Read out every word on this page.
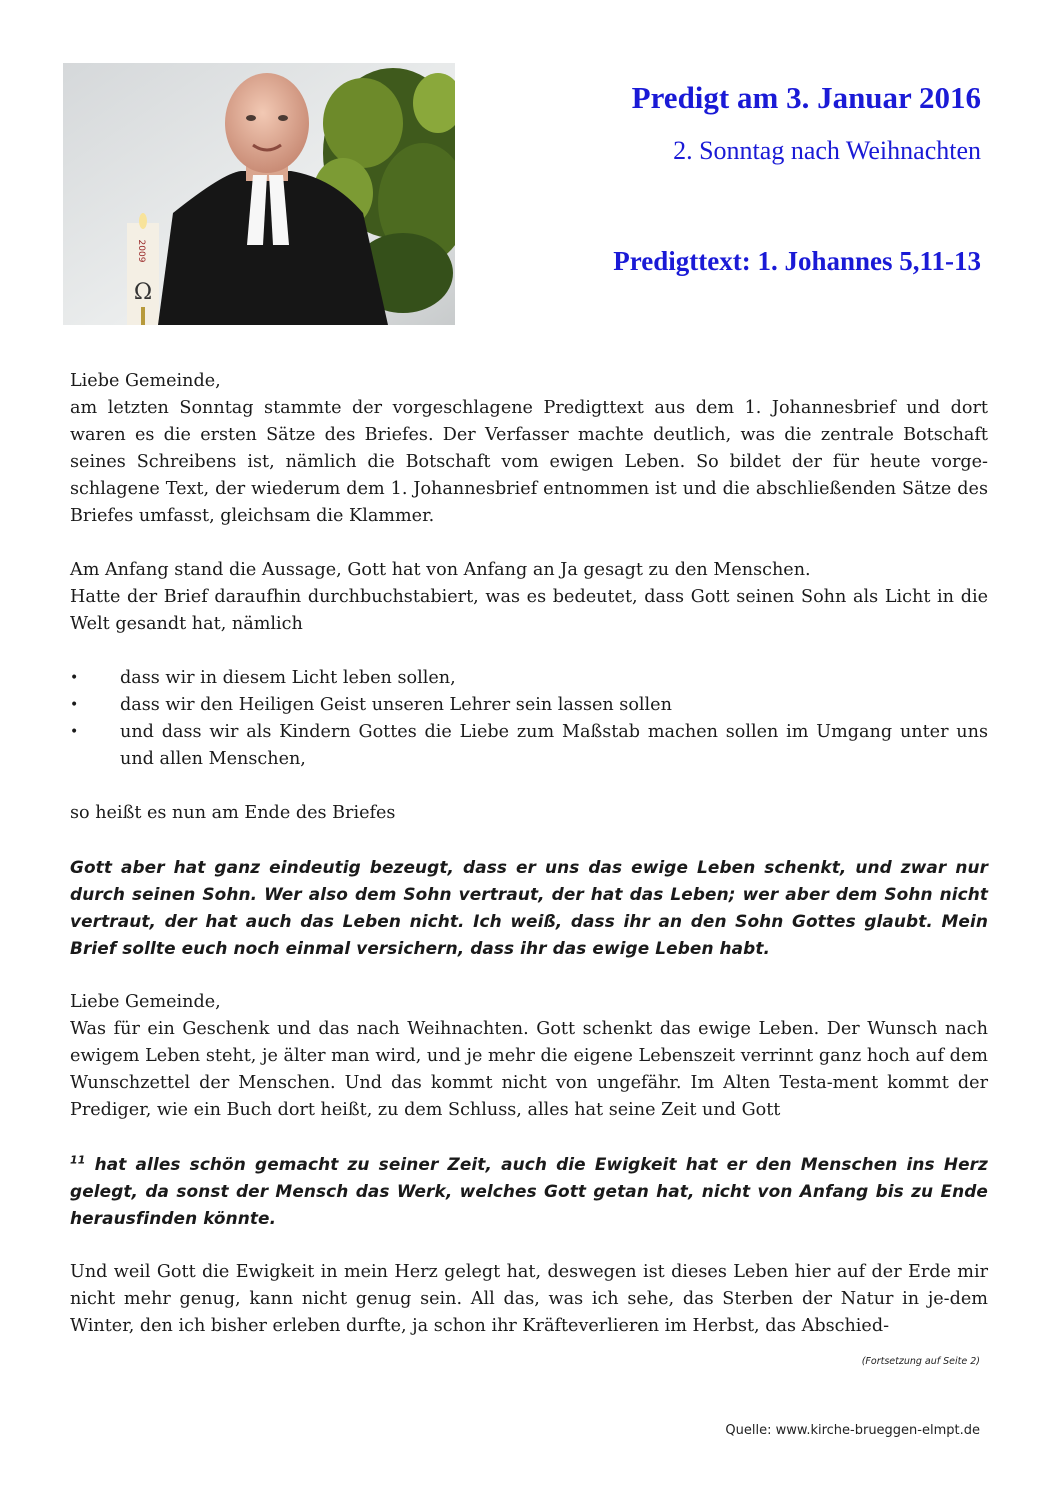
2009
Ω
Predigt am 3. Januar 2016
2. Sonntag nach Weihnachten
Predigttext: 1. Johannes 5,11-13

Liebe Gemeinde,

am letzten Sonntag stammte der vorgeschlagene Predigttext aus dem 1. Johannesbrief und dort waren es die ersten Sätze des Briefes. Der Verfasser machte deutlich, was die zentrale Botschaft seines Schreibens ist, nämlich die Botschaft vom ewigen Leben. So bildet der für heute vorge-schlagene Text, der wiederum dem 1. Johannesbrief entnommen ist und die abschließenden Sätze des Briefes umfasst, gleichsam die Klammer.

Am Anfang stand die Aussage, Gott hat von Anfang an Ja gesagt zu den Menschen.

Hatte der Brief daraufhin durchbuchstabiert, was es bedeutet, dass Gott seinen Sohn als Licht in die Welt gesandt hat, nämlich

• dass wir in diesem Licht leben sollen,
• dass wir den Heiligen Geist unseren Lehrer sein lassen sollen
• und dass wir als Kindern Gottes die Liebe zum Maßstab machen sollen im Umgang unter uns und allen Menschen,

so heißt es nun am Ende des Briefes

Gott aber hat ganz eindeutig bezeugt, dass er uns das ewige Leben schenkt, und zwar nur durch seinen Sohn. Wer also dem Sohn vertraut, der hat das Leben; wer aber dem Sohn nicht vertraut, der hat auch das Leben nicht. Ich weiß, dass ihr an den Sohn Gottes glaubt. Mein Brief sollte euch noch einmal versichern, dass ihr das ewige Leben habt.

Liebe Gemeinde,

Was für ein Geschenk und das nach Weihnachten. Gott schenkt das ewige Leben. Der Wunsch nach ewigem Leben steht, je älter man wird, und je mehr die eigene Lebenszeit verrinnt ganz hoch auf dem Wunschzettel der Menschen. Und das kommt nicht von ungefähr. Im Alten Testa-ment kommt der Prediger, wie ein Buch dort heißt, zu dem Schluss, alles hat seine Zeit und Gott

$^{11}$ hat alles schön gemacht zu seiner Zeit, auch die Ewigkeit hat er den Menschen ins Herz gelegt, da sonst der Mensch das Werk, welches Gott getan hat, nicht von Anfang bis zu Ende herausfinden könnte.

Und weil Gott die Ewigkeit in mein Herz gelegt hat, deswegen ist dieses Leben hier auf der Erde mir nicht mehr genug, kann nicht genug sein. All das, was ich sehe, das Sterben der Natur in je-dem Winter, den ich bisher erleben durfte, ja schon ihr Kräfteverlieren im Herbst, das Abschied-

(Fortsetzung auf Seite 2)
Quelle: www.kirche-brueggen-elmpt.de
